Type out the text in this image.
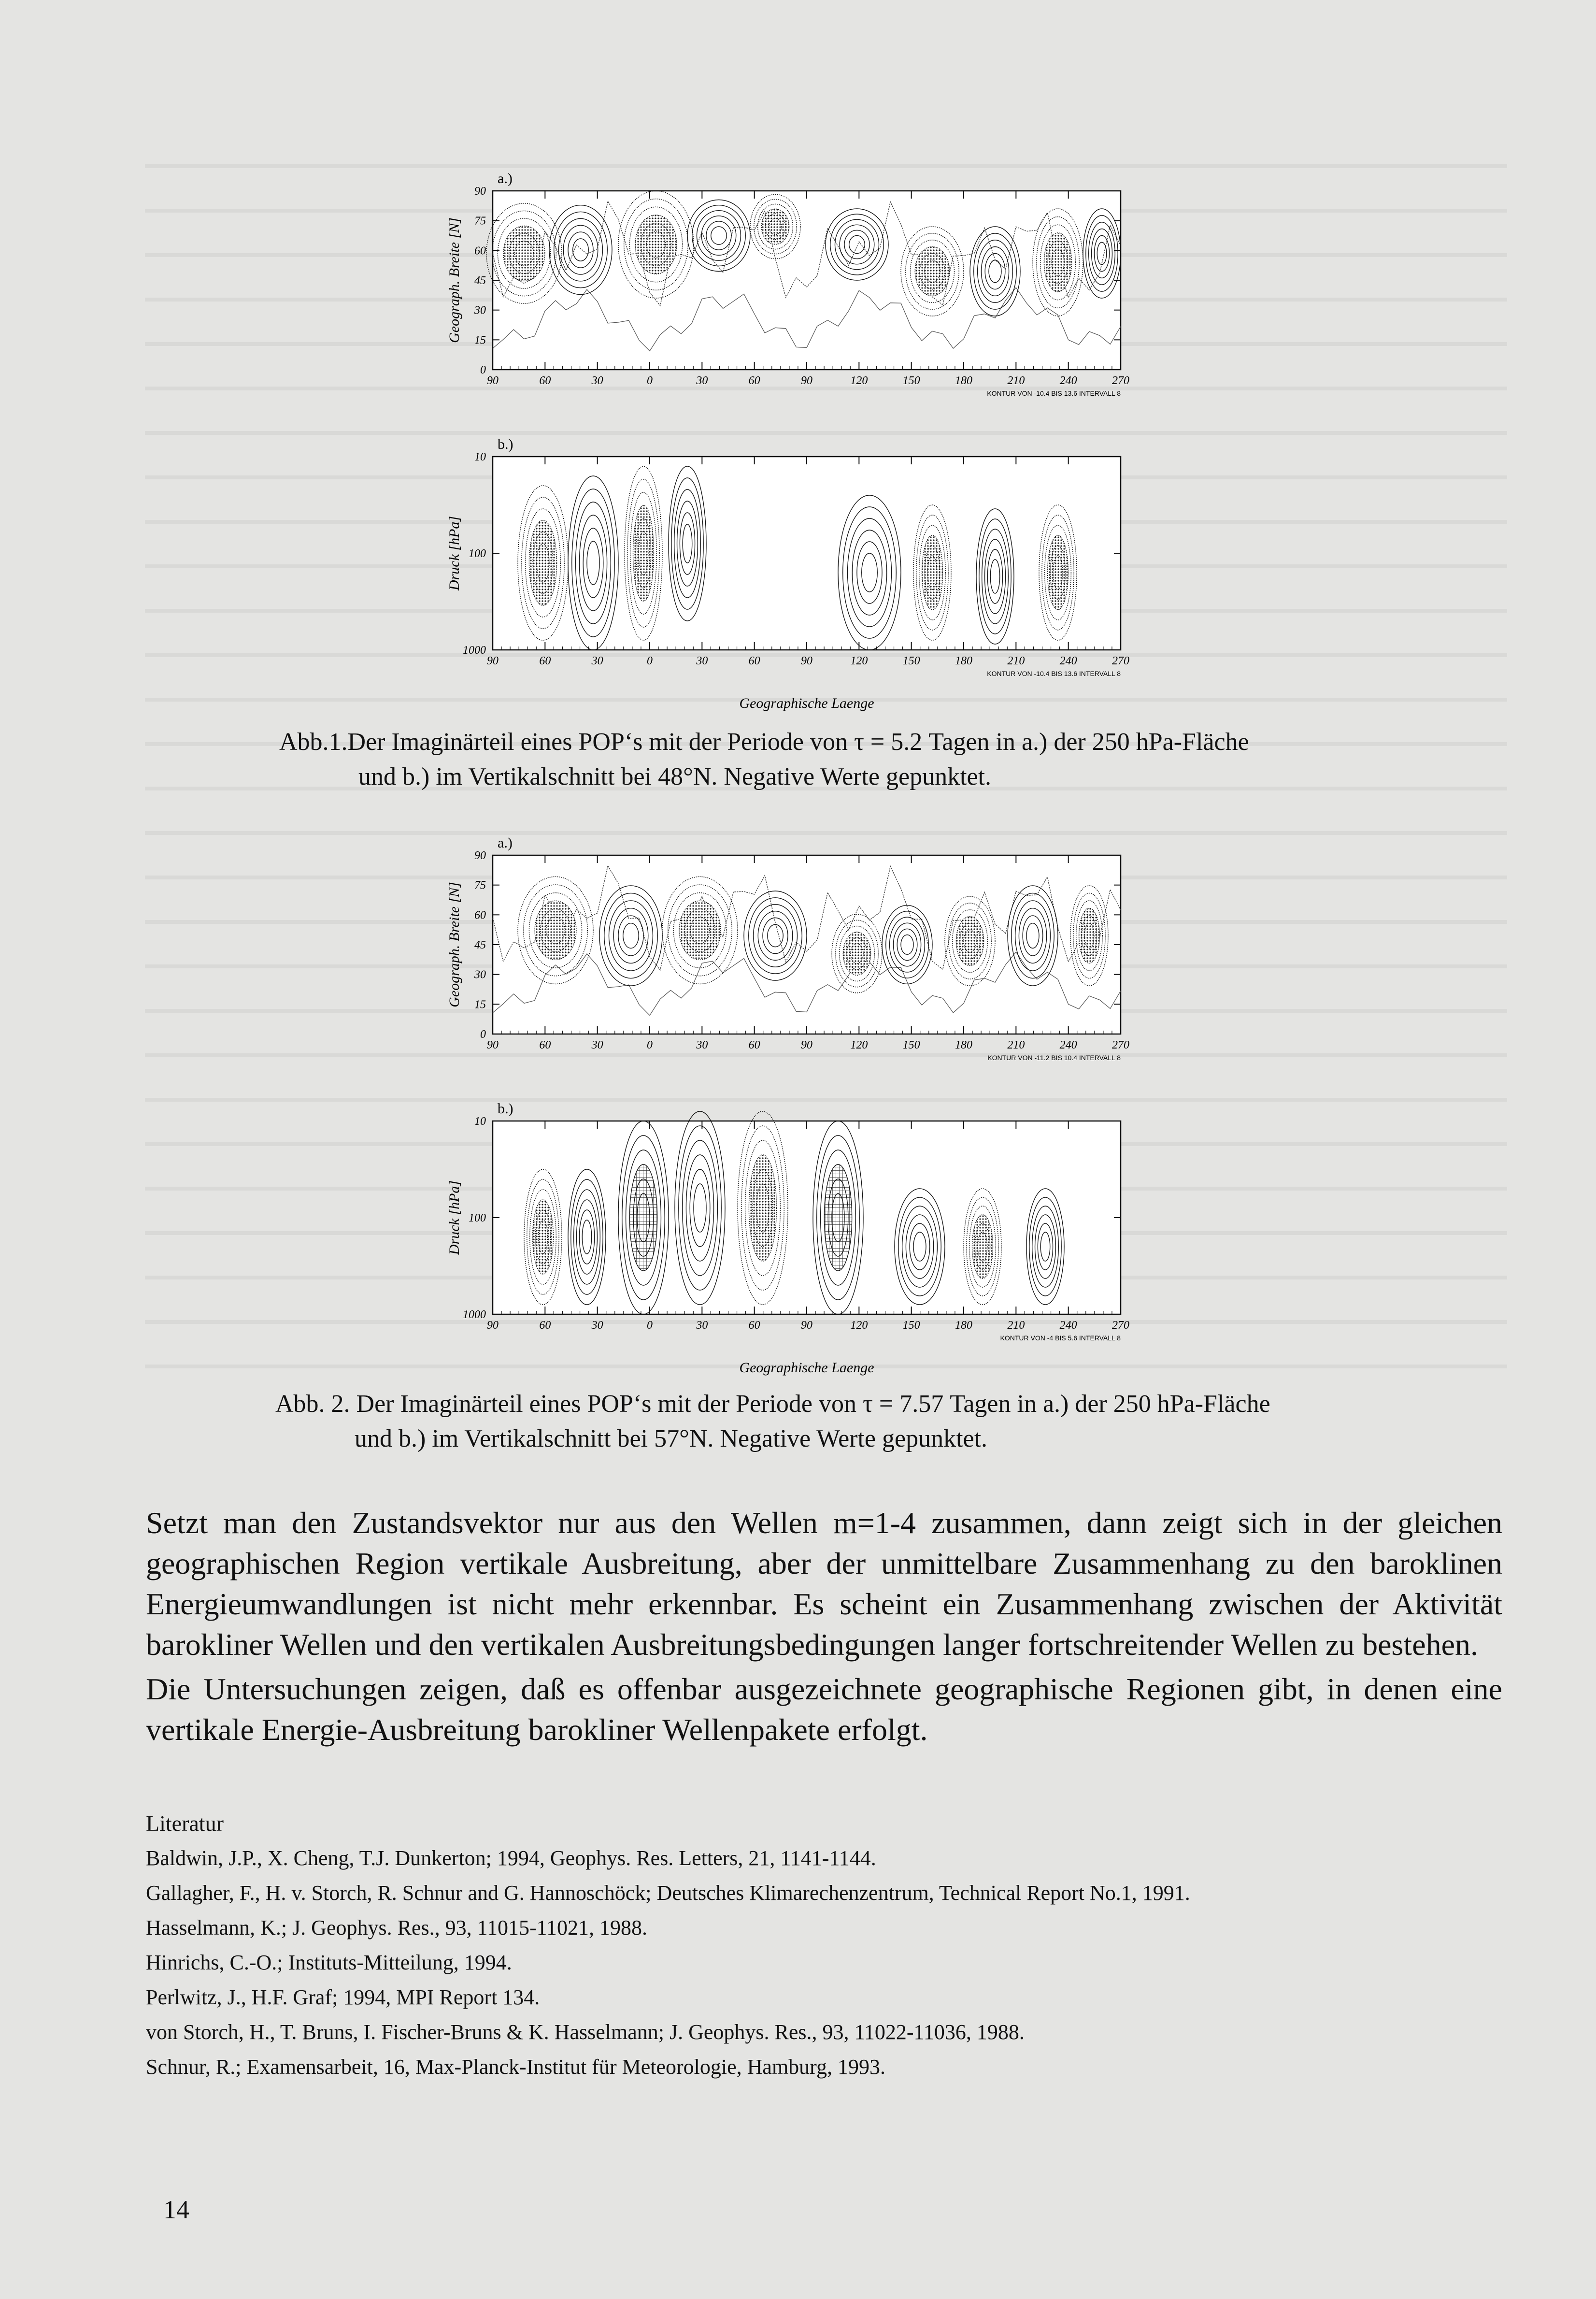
a.)
90
75
60
45
30
15
0
Geograph. Breite [N]
90	60	30	0	30	60	90	120	150	180	210	240	270
KONTUR VON -10.4 BIS 13.6 INTERVALL 8
b.)
10
100
1000
Druck [hPa]
90	60	30	0	30	60	90	120	150	180	210	240	270
KONTUR VON -10.4 BIS 13.6 INTERVALL 8
Geographische Laenge
Abb.1.Der Imaginärteil eines POP‘s mit der Periode von τ = 5.2 Tagen in a.) der 250 hPa-Fläche
und b.) im Vertikalschnitt bei 48°N. Negative Werte gepunktet.
a.)
90
75
60
45
30
15
0
Geograph. Breite [N]
90	60	30	0	30	60	90	120	150	180	210	240	270
KONTUR VON -11.2 BIS 10.4 INTERVALL 8
b.)
10
100
1000
Druck [hPa]
90	60	30	0	30	60	90	120	150	180	210	240	270
KONTUR VON -4 BIS 5.6 INTERVALL 8
Geographische Laenge
Abb. 2. Der Imaginärteil eines POP‘s mit der Periode von τ = 7.57 Tagen in a.) der 250 hPa-Fläche
und b.) im Vertikalschnitt bei 57°N. Negative Werte gepunktet.

Setzt man den Zustandsvektor nur aus den Wellen m=1-4 zusammen, dann zeigt sich in der gleichen geographischen Region vertikale Ausbreitung, aber der unmittelbare Zusammenhang zu den baroklinen Energieumwandlungen ist nicht mehr erkennbar. Es scheint ein Zusammenhang zwischen der Aktivität barokliner Wellen und den vertikalen Ausbreitungsbedingungen langer fortschreitender Wellen zu bestehen.

Die Untersuchungen zeigen, daß es offenbar ausgezeichnete geographische Regionen gibt, in denen eine vertikale Energie-Ausbreitung barokliner Wellenpakete erfolgt.

Literatur
Baldwin, J.P., X. Cheng, T.J. Dunkerton; 1994, Geophys. Res. Letters, 21, 1141-1144.
Gallagher, F., H. v. Storch, R. Schnur and G. Hannoschöck; Deutsches Klimarechenzentrum, Technical Report No.1, 1991.
Hasselmann, K.; J. Geophys. Res., 93, 11015-11021, 1988.
Hinrichs, C.-O.; Instituts-Mitteilung, 1994.
Perlwitz, J., H.F. Graf; 1994, MPI Report 134.
von Storch, H., T. Bruns, I. Fischer-Bruns & K. Hasselmann; J. Geophys. Res., 93, 11022-11036, 1988.
Schnur, R.; Examensarbeit, 16, Max-Planck-Institut für Meteorologie, Hamburg, 1993.
14
